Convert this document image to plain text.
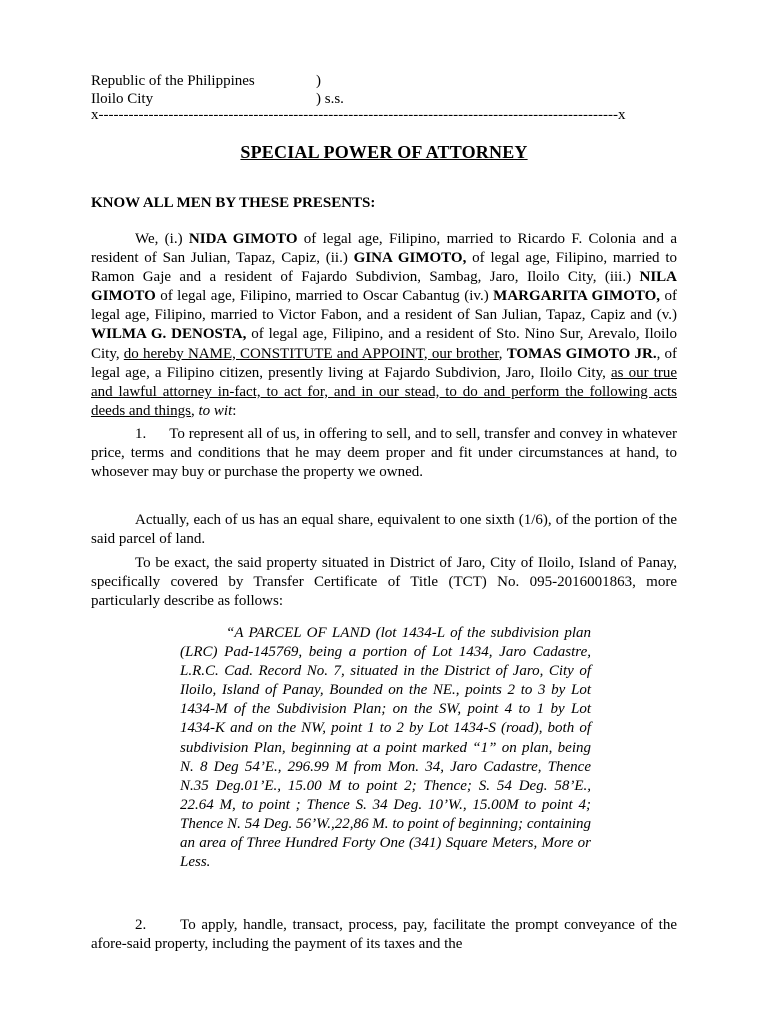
Republic of the Philippines	)
Iloilo City	) s.s.
x--------------------------------------------------------------------------------------------------------x
SPECIAL POWER OF ATTORNEY
KNOW ALL MEN BY THESE PRESENTS:
We, (i.) NIDA GIMOTO of legal age, Filipino, married to Ricardo F. Colonia and a resident of San Julian, Tapaz, Capiz, (ii.) GINA GIMOTO, of legal age, Filipino, married to Ramon Gaje and a resident of Fajardo Subdivion, Sambag, Jaro, Iloilo City, (iii.) NILA GIMOTO of legal age, Filipino, married to Oscar Cabantug (iv.) MARGARITA GIMOTO, of legal age, Filipino, married to Victor Fabon, and a resident of San Julian, Tapaz, Capiz and (v.) WILMA G. DENOSTA, of legal age, Filipino, and a resident of Sto. Nino Sur, Arevalo, Iloilo City, do hereby NAME, CONSTITUTE and APPOINT, our brother, TOMAS GIMOTO JR., of legal age, a Filipino citizen, presently living at Fajardo Subdivion, Jaro, Iloilo City, as our true and lawful attorney in-fact, to act for, and in our stead, to do and perform the following acts deeds and things, to wit:
1.      To represent all of us, in offering to sell, and to sell, transfer and convey in whatever price, terms and conditions that he may deem proper and fit under circumstances at hand, to whosever may buy or purchase the property we owned.
Actually, each of us has an equal share, equivalent to one sixth (1/6), of the portion of the said parcel of land.
To be exact, the said property situated in District of Jaro, City of Iloilo, Island of Panay, specifically covered by Transfer Certificate of Title (TCT) No. 095-2016001863, more particularly describe as follows:
“A PARCEL OF LAND (lot 1434-L of the subdivision plan (LRC) Pad-145769, being a portion of Lot 1434, Jaro Cadastre, L.R.C. Cad. Record No. 7, situated in the District of Jaro, City of Iloilo, Island of Panay, Bounded on the NE., points 2 to 3 by Lot 1434-M of the Subdivision Plan; on the SW, point 4 to 1 by Lot 1434-K and on the NW, point 1 to 2 by Lot 1434-S (road), both of subdivision Plan, beginning at a point marked “1” on plan, being N. 8 Deg 54’E., 296.99 M from Mon. 34, Jaro Cadastre, Thence N.35 Deg.01’E., 15.00 M to point 2; Thence; S. 54 Deg. 58’E., 22.64 M, to point ; Thence S. 34 Deg. 10’W., 15.00M to point 4; Thence N. 54 Deg. 56’W.,22,86 M. to point of beginning; containing an area of Three Hundred Forty One (341) Square Meters, More or Less.
2.      To apply, handle, transact, process, pay, facilitate the prompt conveyance of the afore-said property, including the payment of its taxes and the
